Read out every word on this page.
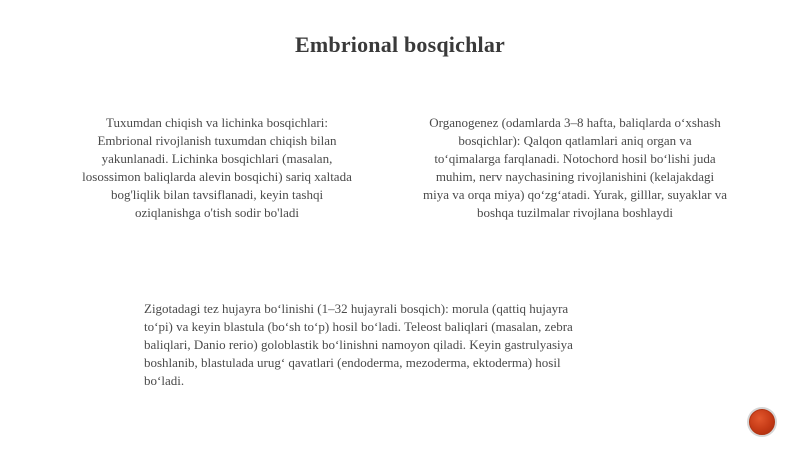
Embrional bosqichlar
Tuxumdan chiqish va lichinka bosqichlari:
Embrional rivojlanish tuxumdan chiqish bilan
yakunlanadi. Lichinka bosqichlari (masalan,
losossimon baliqlarda alevin bosqichi) sariq xaltada
bog'liqlik bilan tavsiflanadi, keyin tashqi
oziqlanishga o'tish sodir bo'ladi
Organogenez (odamlarda 3–8 hafta, baliqlarda oʻxshash
bosqichlar): Qalqon qatlamlari aniq organ va
toʻqimalarga farqlanadi. Notochord hosil boʻlishi juda
muhim, nerv naychasining rivojlanishini (kelajakdagi
miya va orqa miya) qoʻzgʻatadi. Yurak, gilllar, suyaklar va
boshqa tuzilmalar rivojlana boshlaydi
Zigotadagi tez hujayra boʻlinishi (1–32 hujayrali bosqich): morula (qattiq hujayra
toʻpi) va keyin blastula (boʻsh toʻp) hosil boʻladi. Teleost baliqlari (masalan, zebra
baliqlari, Danio rerio) goloblastik boʻlinishni namoyon qiladi. Keyin gastrulyasiya
boshlanib, blastulada urugʻ qavatlari (endoderma, mezoderma, ektoderma) hosil
boʻladi.
